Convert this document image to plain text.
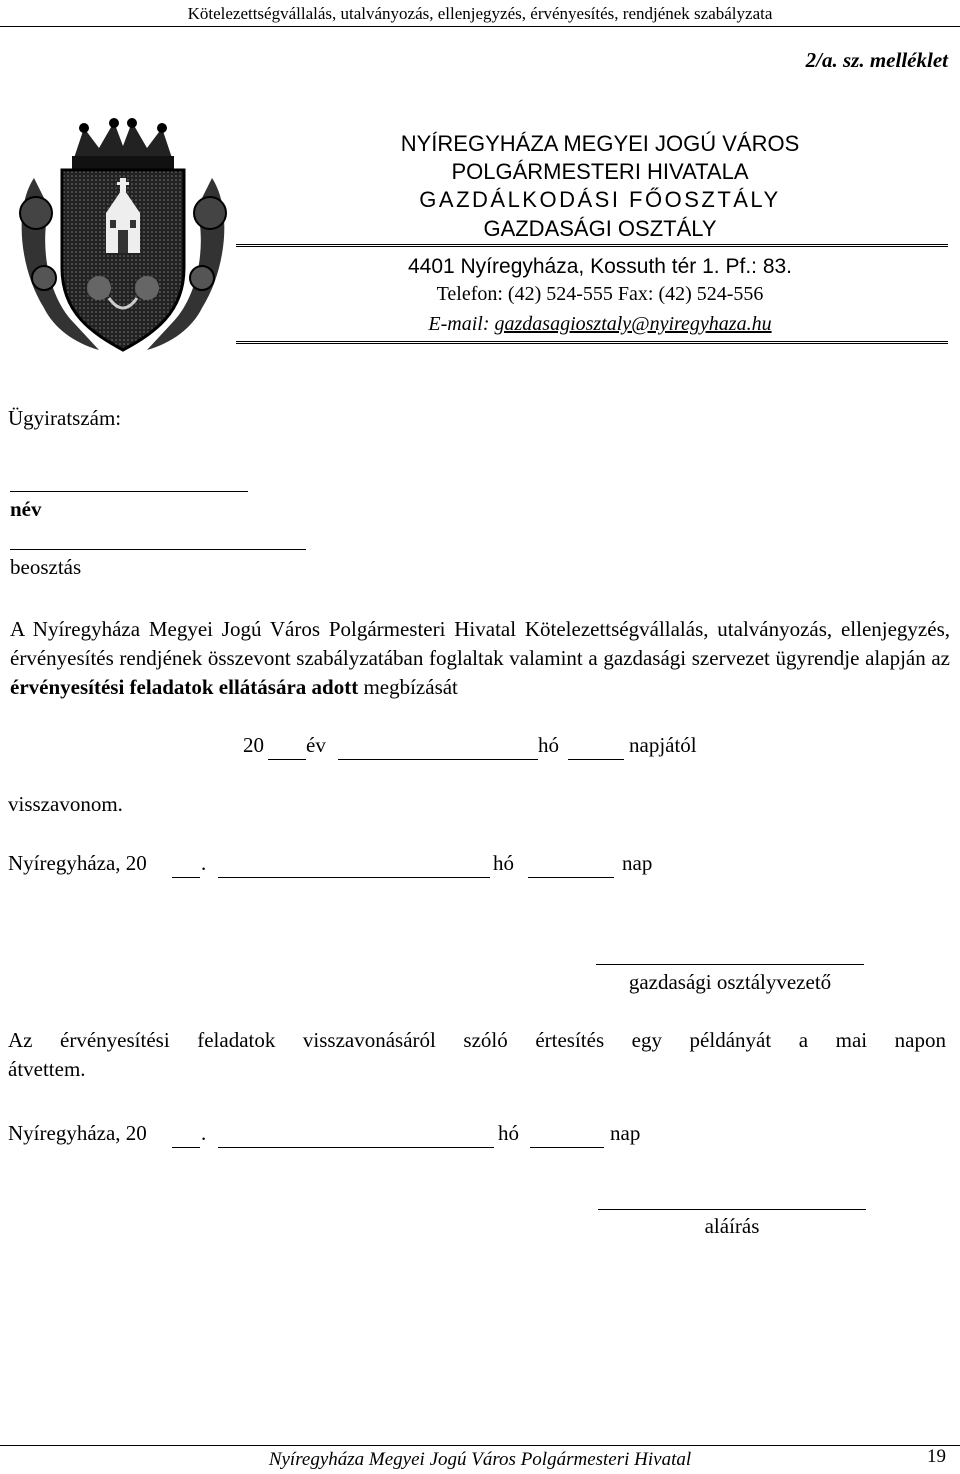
Kötelezettségvállalás, utalványozás, ellenjegyzés, érvényesítés, rendjének szabályzata
2/a. sz. melléklet
NYÍREGYHÁZA MEGYEI JOGÚ VÁROS
POLGÁRMESTERI HIVATALA
GAZDÁLKODÁSI FŐOSZTÁLY
GAZDASÁGI OSZTÁLY
4401 Nyíregyháza, Kossuth tér 1. Pf.: 83.
Telefon: (42) 524-555 Fax: (42) 524-556
E-mail: gazdasagiosztaly@nyiregyhaza.hu
Ügyiratszám:
név
beosztás
A Nyíregyháza Megyei Jogú Város Polgármesteri Hivatal Kötelezettségvállalás, utalványozás, ellenjegyzés, érvényesítés rendjének összevont szabályzatában foglaltak valamint a gazdasági szervezet ügyrendje alapján az érvényesítési feladatok ellátására adott megbízását
20 év	hó	napjától
visszavonom.
Nyíregyháza, 20	.	hó	nap
gazdasági osztályvezető
Az érvényesítési feladatok visszavonásáról szóló értesítés egy példányát a mai napon
átvettem.
Nyíregyháza, 20	.	hó	nap
aláírás
Nyíregyháza Megyei Jogú Város Polgármesteri Hivatal	19
